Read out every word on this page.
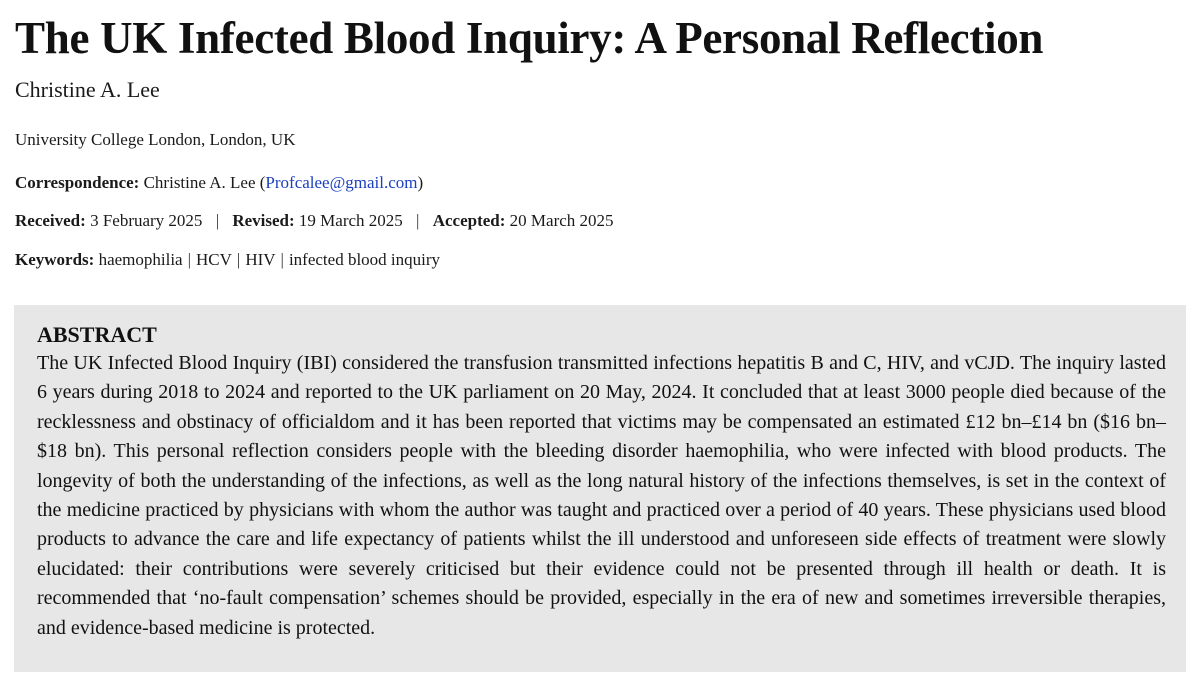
The UK Infected Blood Inquiry: A Personal Reflection
Christine A. Lee
University College London, London, UK
Correspondence: Christine A. Lee (Profcalee@gmail.com)
Received: 3 February 2025 | Revised: 19 March 2025 | Accepted: 20 March 2025
Keywords: haemophilia | HCV | HIV | infected blood inquiry
ABSTRACT

The UK Infected Blood Inquiry (IBI) considered the transfusion transmitted infections hepatitis B and C, HIV, and vCJD. The inquiry lasted 6 years during 2018 to 2024 and reported to the UK parliament on 20 May, 2024. It concluded that at least 3000 people died because of the recklessness and obstinacy of officialdom and it has been reported that victims may be compensated an estimated £12 bn–£14 bn ($16 bn–$18 bn). This personal reflection considers people with the bleeding disorder haemophilia, who were infected with blood products. The longevity of both the understanding of the infections, as well as the long natural history of the infections themselves, is set in the context of the medicine practiced by physicians with whom the author was taught and practiced over a period of 40 years. These physicians used blood products to advance the care and life expectancy of patients whilst the ill understood and unforeseen side effects of treatment were slowly elucidated: their contributions were severely criticised but their evidence could not be presented through ill health or death. It is recommended that ‘no-fault compensation’ schemes should be provided, especially in the era of new and sometimes irreversible therapies, and evidence-based medicine is protected.
